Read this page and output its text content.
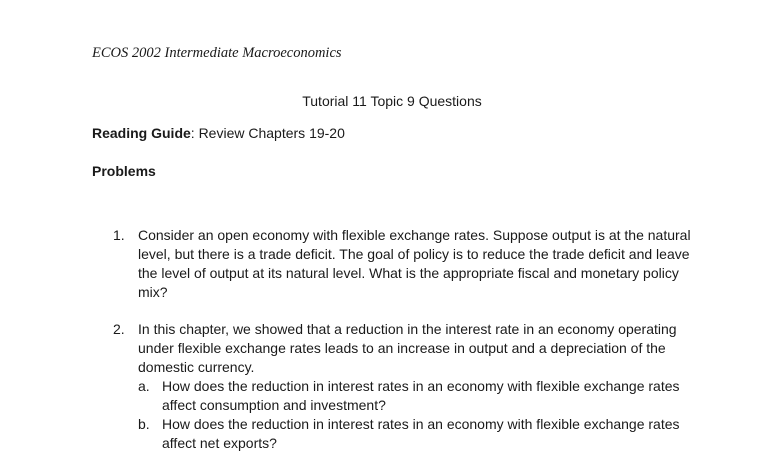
ECOS 2002 Intermediate Macroeconomics
Tutorial 11 Topic 9 Questions
Reading Guide: Review Chapters 19-20
Problems
1. Consider an open economy with flexible exchange rates. Suppose output is at the natural level, but there is a trade deficit. The goal of policy is to reduce the trade deficit and leave the level of output at its natural level. What is the appropriate fiscal and monetary policy mix?
2. In this chapter, we showed that a reduction in the interest rate in an economy operating under flexible exchange rates leads to an increase in output and a depreciation of the domestic currency.
a. How does the reduction in interest rates in an economy with flexible exchange rates affect consumption and investment?
b. How does the reduction in interest rates in an economy with flexible exchange rates affect net exports?
